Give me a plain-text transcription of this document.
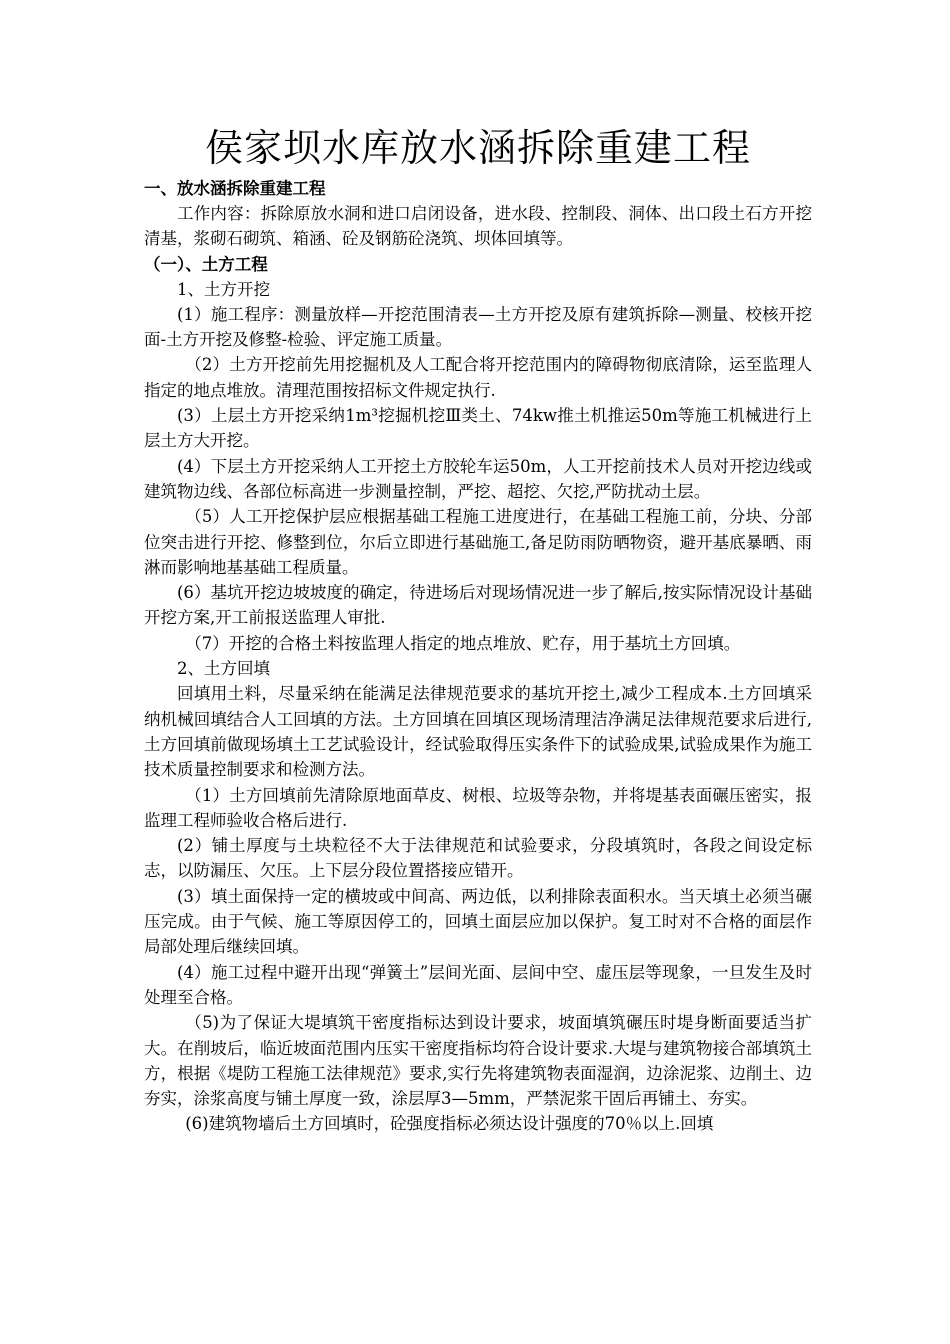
侯家坝水库放水涵拆除重建工程
一、放水涵拆除重建工程

工作内容：拆除原放水洞和进口启闭设备，进水段、控制段、洞体、出口段土石方开挖清基，浆砌石砌筑、箱涵、砼及钢筋砼浇筑、坝体回填等。

（一）、土方工程

1、土方开挖

(1）施工程序：测量放样—开挖范围清表—土方开挖及原有建筑拆除—测量、校核开挖面-土方开挖及修整-检验、评定施工质量。

（2）土方开挖前先用挖掘机及人工配合将开挖范围内的障碍物彻底清除，运至监理人指定的地点堆放。清理范围按招标文件规定执行.

(3）上层土方开挖采纳1m³挖掘机挖Ⅲ类土、74kw推土机推运50m等施工机械进行上层土方大开挖。

(4）下层土方开挖采纳人工开挖土方胶轮车运50m，人工开挖前技术人员对开挖边线或建筑物边线、各部位标高进一步测量控制，严挖、超挖、欠挖,严防扰动土层。

（5）人工开挖保护层应根据基础工程施工进度进行，在基础工程施工前，分块、分部位突击进行开挖、修整到位，尔后立即进行基础施工,备足防雨防晒物资，避开基底暴晒、雨淋而影响地基基础工程质量。

(6）基坑开挖边坡坡度的确定，待进场后对现场情况进一步了解后,按实际情况设计基础开挖方案,开工前报送监理人审批.

（7）开挖的合格土料按监理人指定的地点堆放、贮存，用于基坑土方回填。

2、土方回填

回填用土料，尽量采纳在能满足法律规范要求的基坑开挖土,减少工程成本.土方回填采纳机械回填结合人工回填的方法。土方回填在回填区现场清理洁净满足法律规范要求后进行,土方回填前做现场填土工艺试验设计，经试验取得压实条件下的试验成果,试验成果作为施工技术质量控制要求和检测方法。

（1）土方回填前先清除原地面草皮、树根、垃圾等杂物，并将堤基表面碾压密实，报监理工程师验收合格后进行.

(2）铺土厚度与土块粒径不大于法律规范和试验要求，分段填筑时，各段之间设定标志，以防漏压、欠压。上下层分段位置搭接应错开。

(3）填土面保持一定的横坡或中间高、两边低，以利排除表面积水。当天填土必须当碾压完成。由于气候、施工等原因停工的，回填土面层应加以保护。复工时对不合格的面层作局部处理后继续回填。

(4）施工过程中避开出现“弹簧土”层间光面、层间中空、虚压层等现象，一旦发生及时处理至合格。

（5)为了保证大堤填筑干密度指标达到设计要求，坡面填筑碾压时堤身断面要适当扩大。在削坡后，临近坡面范围内压实干密度指标均符合设计要求.大堤与建筑物接合部填筑土方，根据《堤防工程施工法律规范》要求,实行先将建筑物表面湿润，边涂泥浆、边削土、边夯实，涂浆高度与铺土厚度一致，涂层厚3—5mm，严禁泥浆干固后再铺土、夯实。

(6)建筑物墙后土方回填时，砼强度指标必须达设计强度的70％以上.回填
